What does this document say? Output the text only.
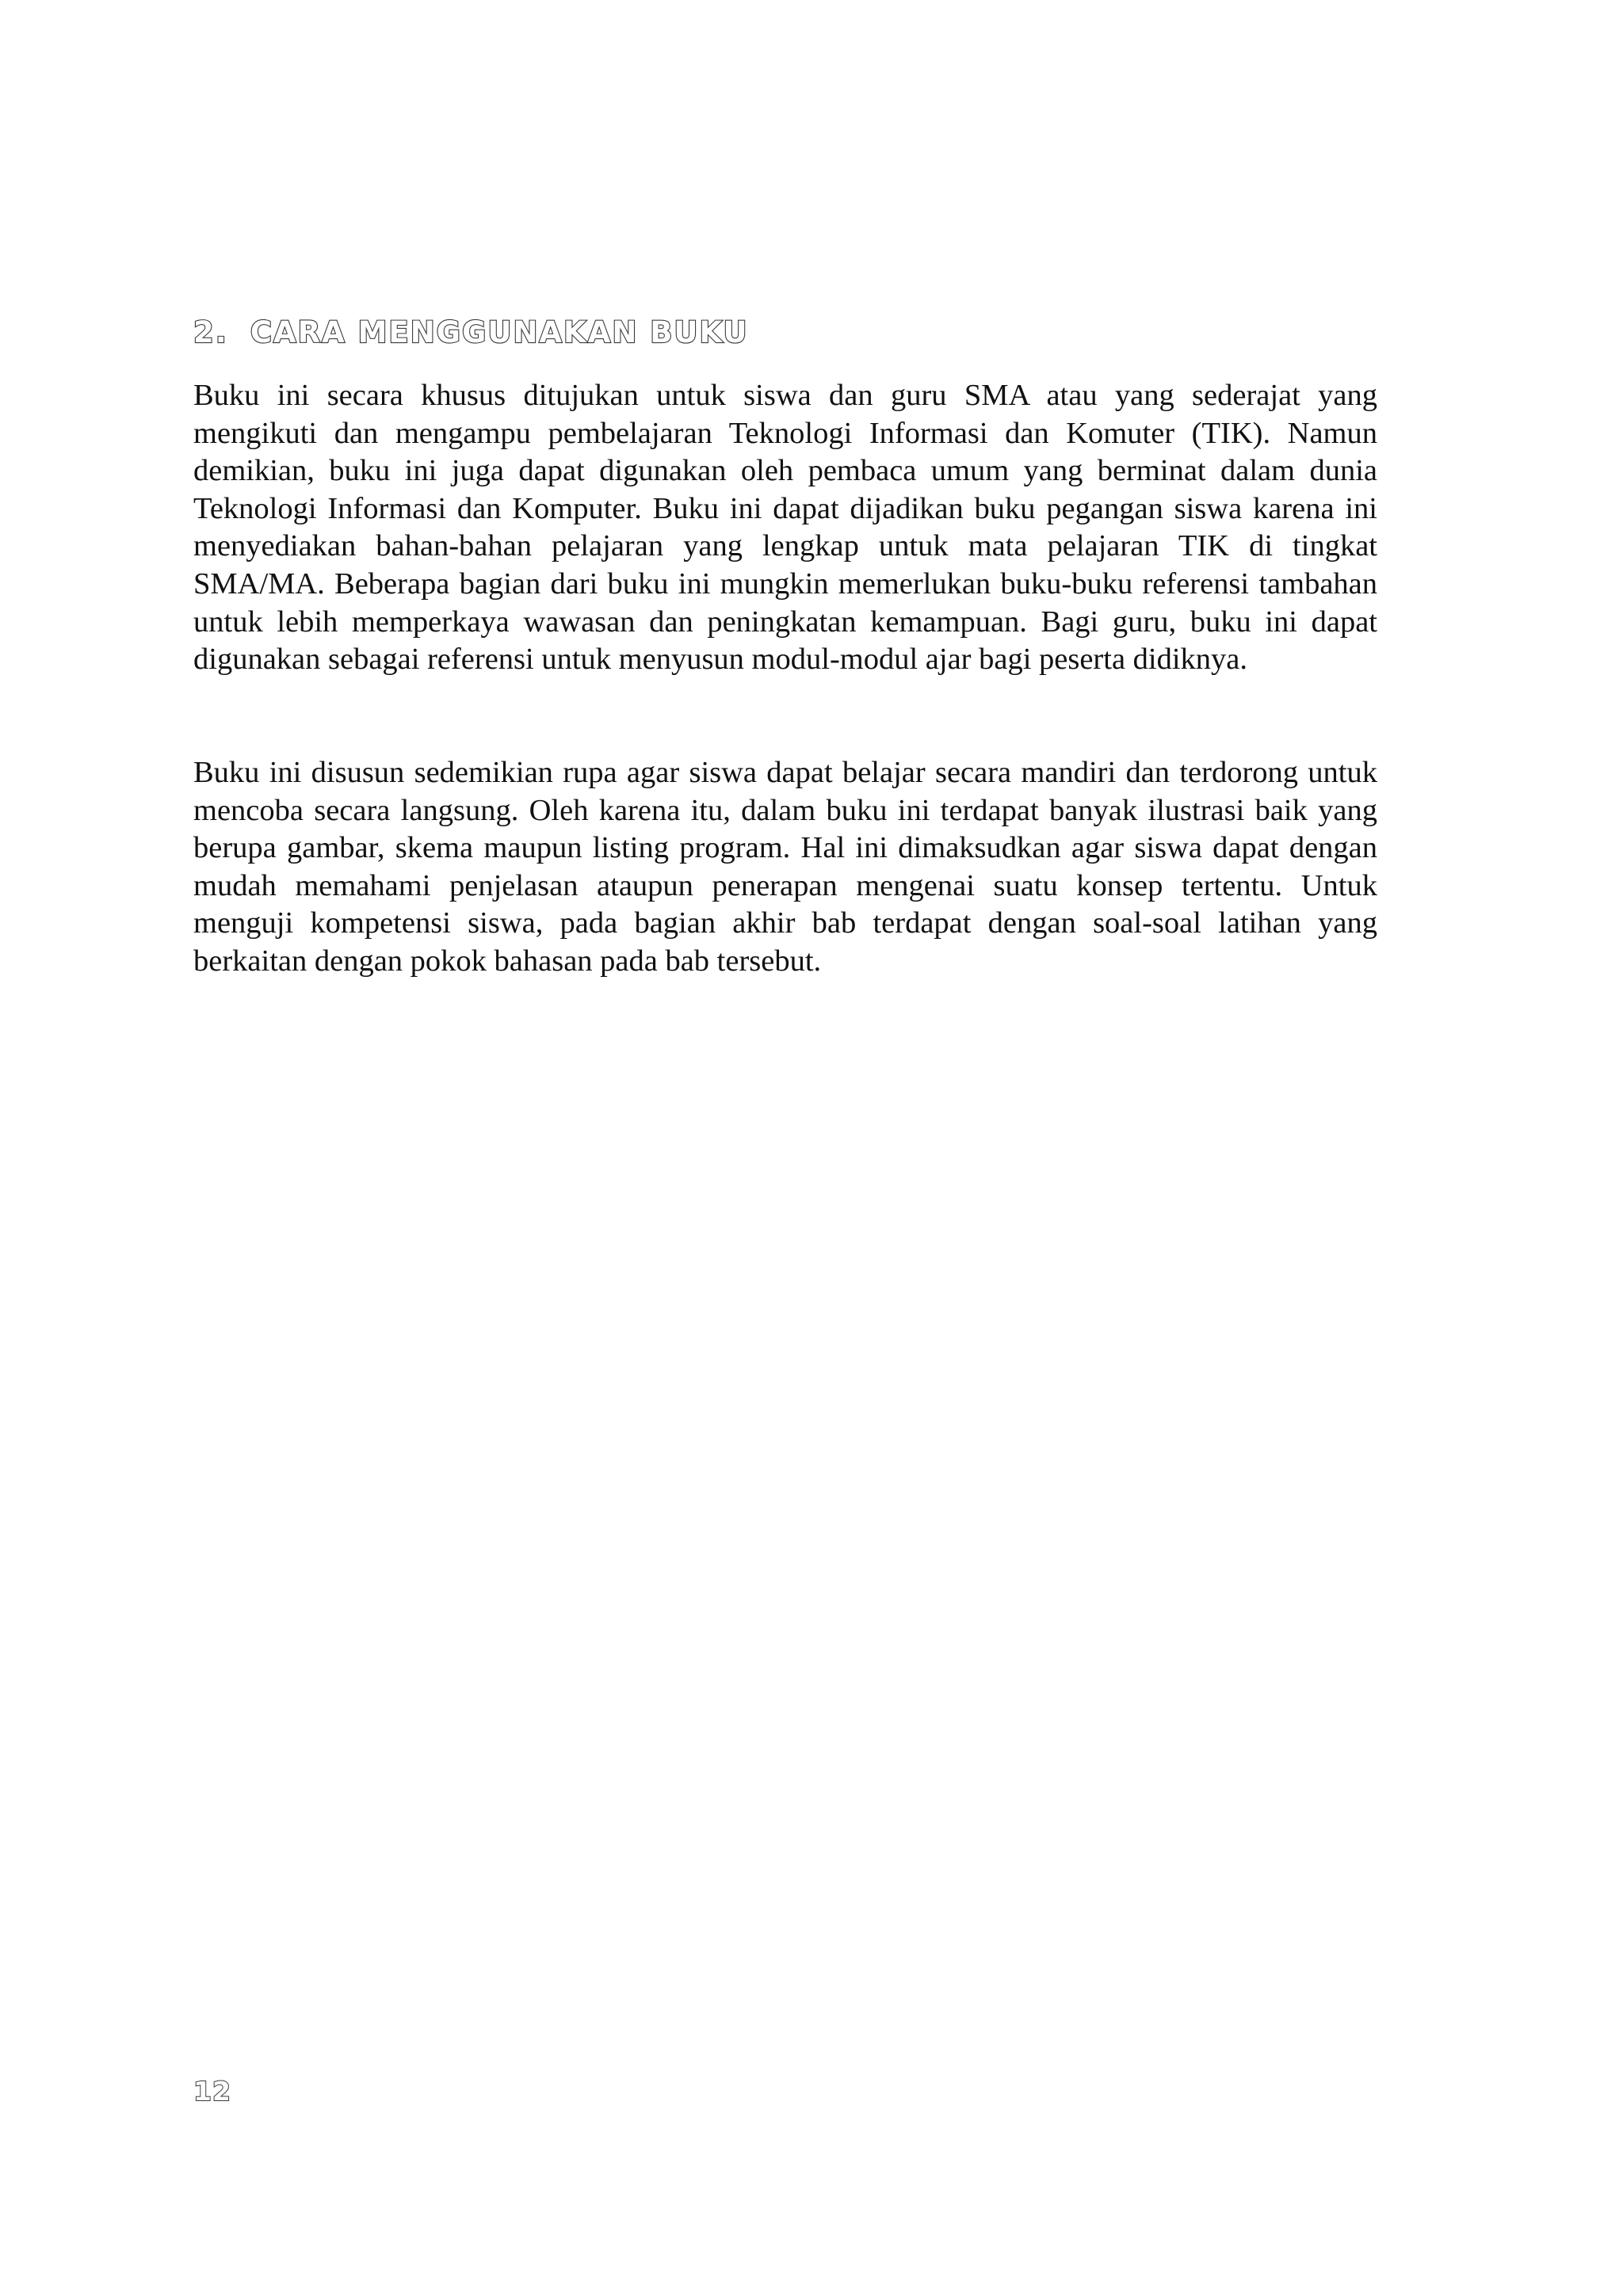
2. CARA MENGGUNAKAN BUKU

Buku ini secara khusus ditujukan untuk siswa dan guru SMA atau yang sederajat yang mengikuti dan mengampu pembelajaran Teknologi Informasi dan Komuter (TIK). Namun demikian, buku ini juga dapat digunakan oleh pembaca umum yang berminat dalam dunia Teknologi Informasi dan Komputer. Buku ini dapat dijadikan buku pegangan siswa karena ini menyediakan bahan-bahan pelajaran yang lengkap untuk mata pelajaran TIK di tingkat SMA/MA. Beberapa bagian dari buku ini mungkin memerlukan buku-buku referensi tambahan untuk lebih memperkaya wawasan dan peningkatan kemampuan. Bagi guru, buku ini dapat digunakan sebagai referensi untuk menyusun modul-modul ajar bagi peserta didiknya.

Buku ini disusun sedemikian rupa agar siswa dapat belajar secara mandiri dan terdorong untuk mencoba secara langsung. Oleh karena itu, dalam buku ini terdapat banyak ilustrasi baik yang berupa gambar, skema maupun listing program. Hal ini dimaksudkan agar siswa dapat dengan mudah memahami penjelasan ataupun penerapan mengenai suatu konsep tertentu. Untuk menguji kompetensi siswa, pada bagian akhir bab terdapat dengan soal-soal latihan yang berkaitan dengan pokok bahasan pada bab tersebut.

12
